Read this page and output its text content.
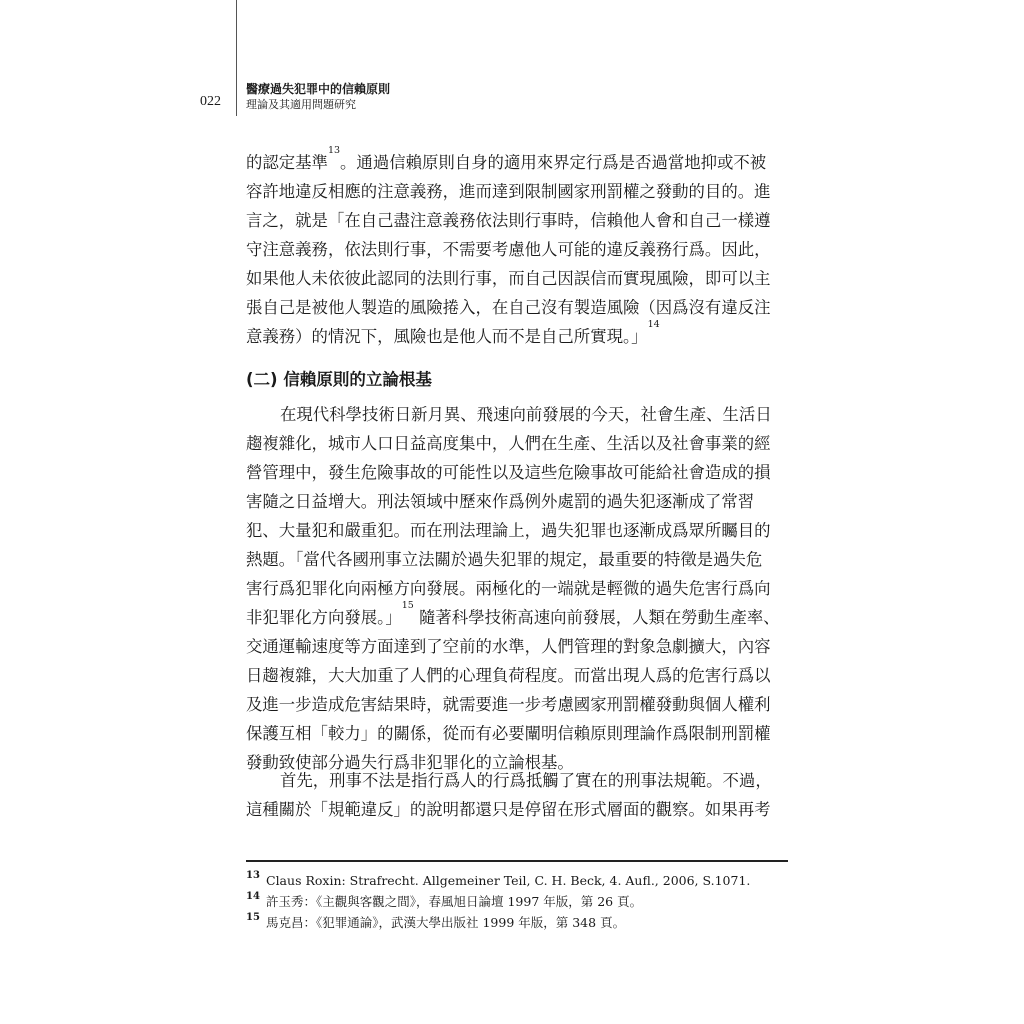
022
醫療過失犯罪中的信賴原則
理論及其適用問題研究
的認定基準$^{13}$。通過信賴原則自身的適用來界定行爲是否過當地抑或不被
容許地違反相應的注意義務，進而達到限制國家刑罰權之發動的目的。進
言之，就是「在自己盡注意義務依法則行事時，信賴他人會和自己一樣遵
守注意義務，依法則行事，不需要考慮他人可能的違反義務行爲。因此，
如果他人未依彼此認同的法則行事，而自己因誤信而實現風險，即可以主
張自己是被他人製造的風險捲入，在自己沒有製造風險（因爲沒有違反注
意義務）的情況下，風險也是他人而不是自己所實現。」$^{14}$
(二) 信賴原則的立論根基
在現代科學技術日新月異、飛速向前發展的今天，社會生產、生活日
趨複雜化，城市人口日益高度集中，人們在生產、生活以及社會事業的經
營管理中，發生危險事故的可能性以及這些危險事故可能給社會造成的損
害隨之日益增大。刑法領域中歷來作爲例外處罰的過失犯逐漸成了常習
犯、大量犯和嚴重犯。而在刑法理論上，過失犯罪也逐漸成爲眾所矚目的
熱題。「當代各國刑事立法關於過失犯罪的規定，最重要的特徵是過失危
害行爲犯罪化向兩極方向發展。兩極化的一端就是輕微的過失危害行爲向
非犯罪化方向發展。」$^{15}$ 隨著科學技術高速向前發展，人類在勞動生產率、
交通運輸速度等方面達到了空前的水準，人們管理的對象急劇擴大，內容
日趨複雜，大大加重了人們的心理負荷程度。而當出現人爲的危害行爲以
及進一步造成危害結果時，就需要進一步考慮國家刑罰權發動與個人權利
保護互相「較力」的關係，從而有必要闡明信賴原則理論作爲限制刑罰權
發動致使部分過失行爲非犯罪化的立論根基。
首先，刑事不法是指行爲人的行爲抵觸了實在的刑事法規範。不過，
這種關於「規範違反」的說明都還只是停留在形式層面的觀察。如果再考
13 Claus Roxin: Strafrecht. Allgemeiner Teil, C. H. Beck, 4. Aufl., 2006, S.1071.
14 許玉秀：《主觀與客觀之間》，春風旭日論壇 1997 年版，第 26 頁。
15 馬克昌：《犯罪通論》，武漢大學出版社 1999 年版，第 348 頁。
